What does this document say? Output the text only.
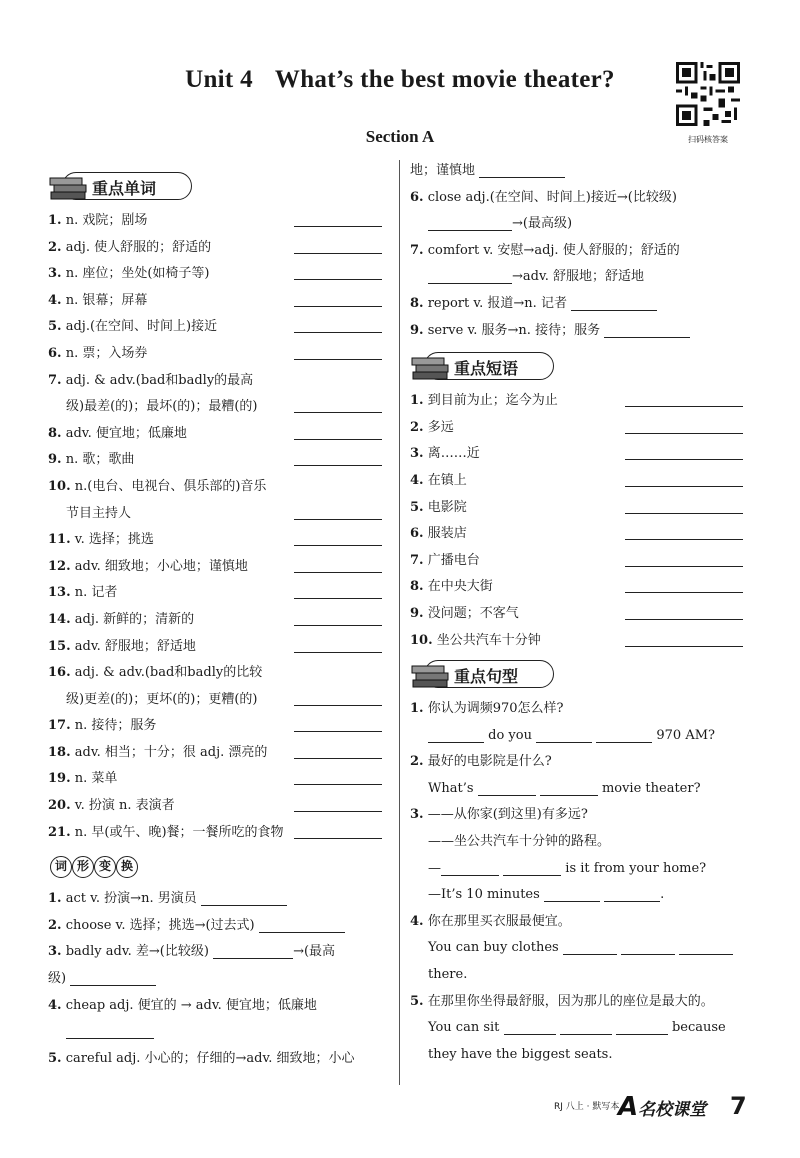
Unit 4 What’s the best movie theater?
Section A	扫码核答案
重点单词
1. n. 戏院；剧场
2. adj. 使人舒服的；舒适的
3. n. 座位；坐处(如椅子等)
4. n. 银幕；屏幕
5. adj.(在空间、时间上)接近
6. n. 票；入场券
7. adj. & adv.(bad和badly的最高
级)最差(的)；最坏(的)；最糟(的)
8. adv. 便宜地；低廉地
9. n. 歌；歌曲
10. n.(电台、电视台、俱乐部的)音乐
节目主持人
11. v. 选择；挑选
12. adv. 细致地；小心地；谨慎地
13. n. 记者
14. adj. 新鲜的；清新的
15. adv. 舒服地；舒适地
16. adj. & adv.(bad和badly的比较
级)更差(的)；更坏(的)；更糟(的)
17. n. 接待；服务
18. adv. 相当；十分；很 adj. 漂亮的
19. n. 菜单
20. v. 扮演 n. 表演者
21. n. 早(或午、晚)餐；一餐所吃的食物
词 形 变 换
1. act v. 扮演→n. 男演员
2. choose v. 选择；挑选→(过去式)
3. badly adv. 差→(比较级)	→(最高
级)
4. cheap adj. 便宜的 → adv. 便宜地；低廉地
5. careful adj. 小心的；仔细的→adv. 细致地；小心
地；谨慎地
6. close adj.(在空间、时间上)接近→(比较级)
→(最高级)
7. comfort v. 安慰→adj. 使人舒服的；舒适的
→adv. 舒服地；舒适地
8. report v. 报道→n. 记者
9. serve v. 服务→n. 接待；服务
重点短语
1. 到目前为止；迄今为止
2. 多远
3. 离……近
4. 在镇上
5. 电影院
6. 服装店
7. 广播电台
8. 在中央大街
9. 没问题；不客气
10. 坐公共汽车十分钟
重点句型
1. 你认为调频970怎么样?
do you	970 AM?
2. 最好的电影院是什么?
What’s	movie theater?
3. ——从你家(到这里)有多远?
——坐公共汽车十分钟的路程。
—	is it from your home?
—It’s 10 minutes	.
4. 你在那里买衣服最便宜。
You can buy clothes
there.
5. 在那里你坐得最舒服，因为那儿的座位是最大的。
You can sit	because
they have the biggest seats.
RJ 八上 · 默写本
A名校课堂 7
